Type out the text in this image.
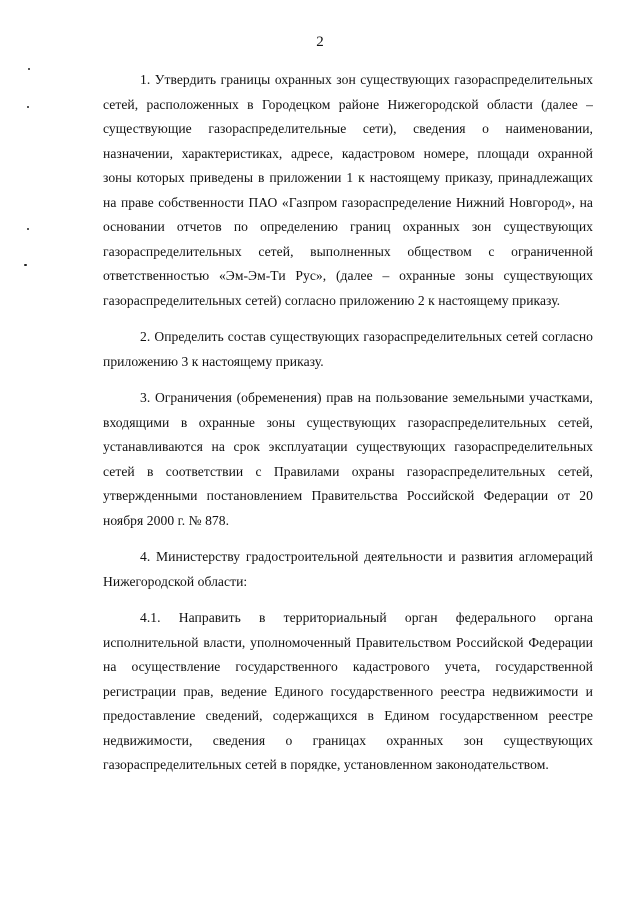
2

1. Утвердить границы охранных зон существующих газораспределительных сетей, расположенных в Городецком районе Нижегородской области (далее – существующие газораспределительные сети), сведения о наименовании, назначении, характеристиках, адресе, кадастровом номере, площади охранной зоны которых приведены в приложении 1 к настоящему приказу, принадлежащих на праве собственности ПАО «Газпром газораспределение Нижний Новгород», на основании отчетов по определению границ охранных зон существующих газораспределительных сетей, выполненных обществом с ограниченной ответственностью «Эм-Эм-Ти Рус», (далее – охранные зоны существующих газораспределительных сетей) согласно приложению 2 к настоящему приказу.

2. Определить состав существующих газораспределительных сетей согласно приложению 3 к настоящему приказу.

3. Ограничения (обременения) прав на пользование земельными участками, входящими в охранные зоны существующих газораспределительных сетей, устанавливаются на срок эксплуатации существующих газораспределительных сетей в соответствии с Правилами охраны газораспределительных сетей, утвержденными постановлением Правительства Российской Федерации от 20 ноября 2000 г. № 878.

4. Министерству градостроительной деятельности и развития агломераций Нижегородской области:

4.1. Направить в территориальный орган федерального органа исполнительной власти, уполномоченный Правительством Российской Федерации на осуществление государственного кадастрового учета, государственной регистрации прав, ведение Единого государственного реестра недвижимости и предоставление сведений, содержащихся в Едином государственном реестре недвижимости, сведения о границах охранных зон существующих газораспределительных сетей в порядке, установленном законодательством.
